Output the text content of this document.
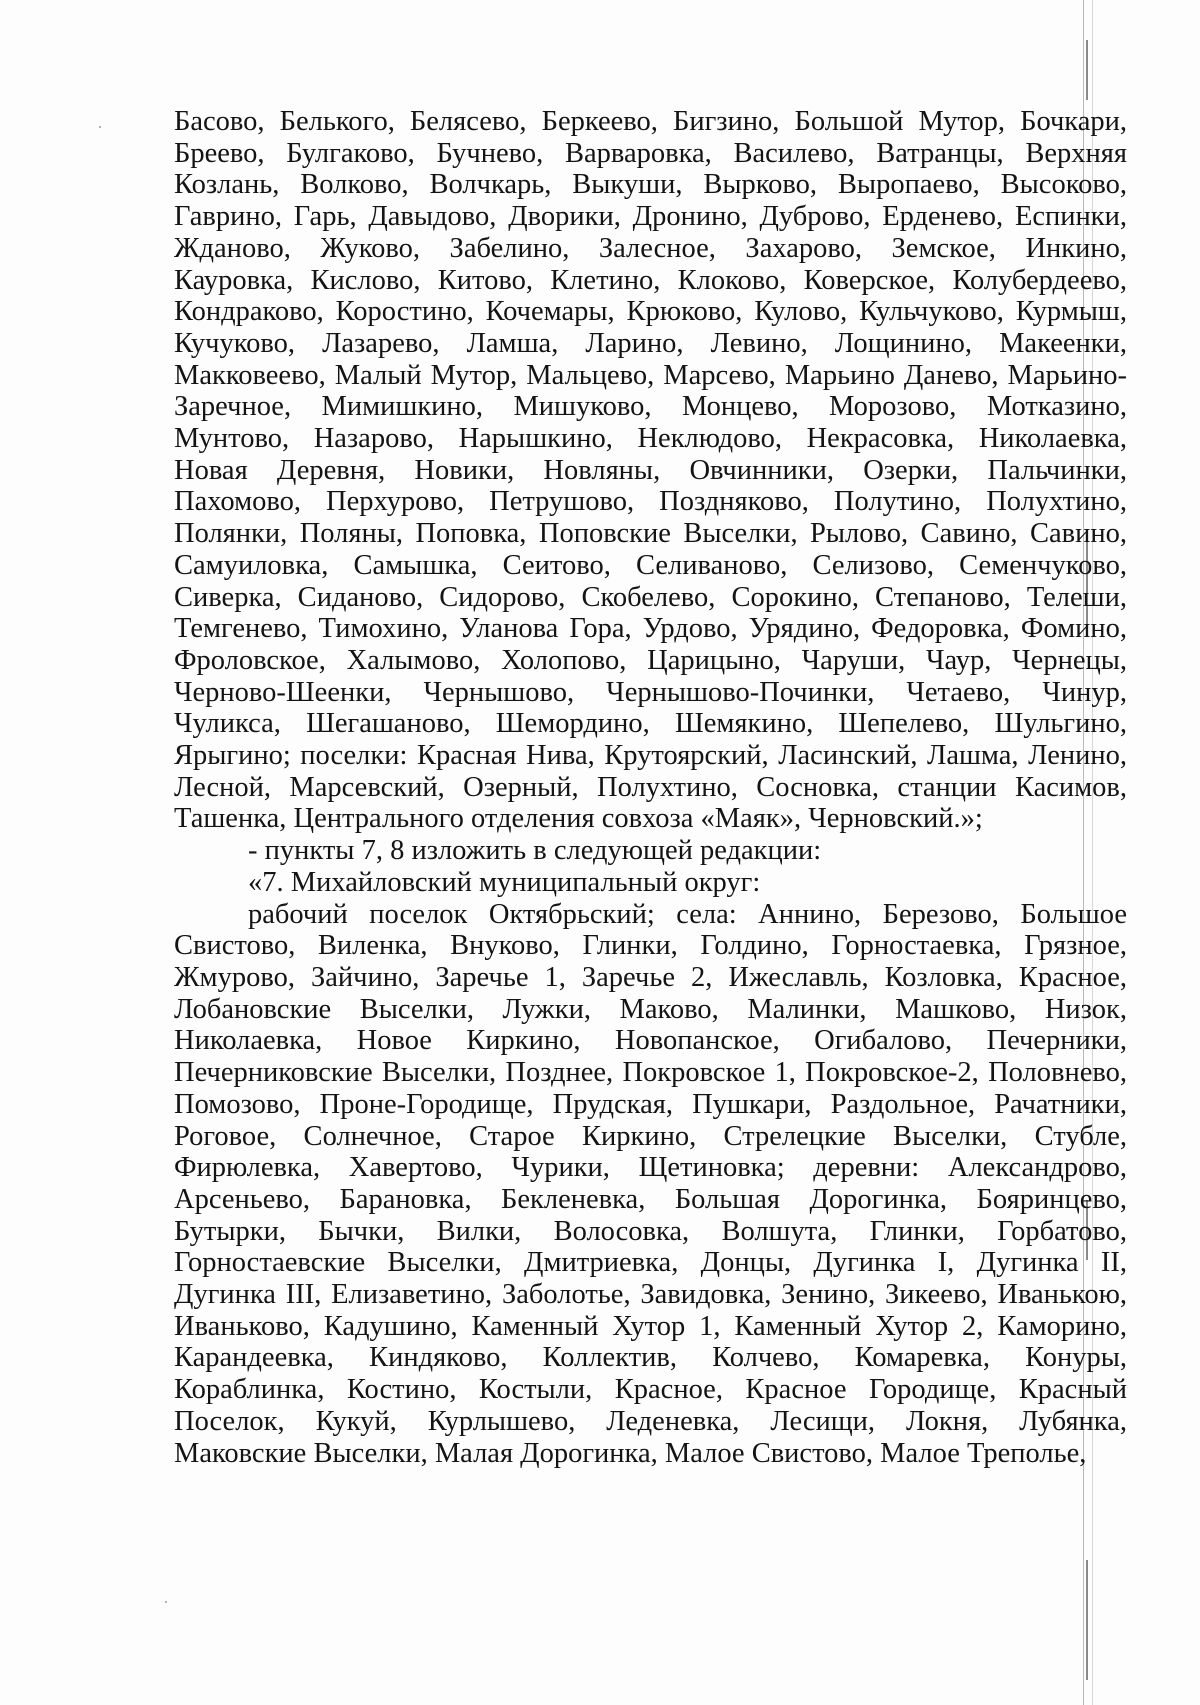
Басово, Белького, Белясево, Беркеево, Бигзино, Большой Мутор, Бочкари,
Бреево, Булгаково, Бучнево, Варваровка, Василево, Ватранцы, Верхняя
Козлань, Волково, Волчкарь, Выкуши, Вырково, Выропаево, Высоково,
Гаврино, Гарь, Давыдово, Дворики, Дронино, Дуброво, Ерденево, Еспинки,
Жданово, Жуково, Забелино, Залесное, Захарово, Земское, Инкино,
Кауровка, Кислово, Китово, Клетино, Клоково, Коверское, Колубердеево,
Кондраково, Коростино, Кочемары, Крюково, Кулово, Кульчуково, Курмыш,
Кучуково, Лазарево, Ламша, Ларино, Левино, Лощинино, Макеенки,
Макковеево, Малый Мутор, Мальцево, Марсево, Марьино Данево, Марьино-
Заречное, Мимишкино, Мишуково, Монцево, Морозово, Мотказино,
Мунтово, Назарово, Нарышкино, Неклюдово, Некрасовка, Николаевка,
Новая Деревня, Новики, Новляны, Овчинники, Озерки, Пальчинки,
Пахомово, Перхурово, Петрушово, Поздняково, Полутино, Полухтино,
Полянки, Поляны, Поповка, Поповские Выселки, Рылово, Савино, Савино,
Самуиловка, Самышка, Сеитово, Селиваново, Селизово, Семенчуково,
Сиверка, Сиданово, Сидорово, Скобелево, Сорокино, Степаново, Телеши,
Темгенево, Тимохино, Уланова Гора, Урдово, Урядино, Федоровка, Фомино,
Фроловское, Халымово, Холопово, Царицыно, Чаруши, Чаур, Чернецы,
Черново-Шеенки, Чернышово, Чернышово-Починки, Четаево, Чинур,
Чуликса, Шегашаново, Шемордино, Шемякино, Шепелево, Шульгино,
Ярыгино; поселки: Красная Нива, Крутоярский, Ласинский, Лашма, Ленино,
Лесной, Марсевский, Озерный, Полухтино, Сосновка, станции Касимов,
Ташенка, Центрального отделения совхоза «Маяк», Черновский.»;
- пункты 7, 8 изложить в следующей редакции:
«7. Михайловский муниципальный округ:
рабочий поселок Октябрьский; села: Аннино, Березово, Большое
Свистово, Виленка, Внуково, Глинки, Голдино, Горностаевка, Грязное,
Жмурово, Зайчино, Заречье 1, Заречье 2, Ижеславль, Козловка, Красное,
Лобановские Выселки, Лужки, Маково, Малинки, Машково, Низок,
Николаевка, Новое Киркино, Новопанское, Огибалово, Печерники,
Печерниковские Выселки, Позднее, Покровское 1, Покровское-2, Половнево,
Помозово, Проне-Городище, Прудская, Пушкари, Раздольное, Рачатники,
Роговое, Солнечное, Старое Киркино, Стрелецкие Выселки, Стубле,
Фирюлевка, Хавертово, Чурики, Щетиновка; деревни: Александрово,
Арсеньево, Барановка, Бекленевка, Большая Дорогинка, Бояринцево,
Бутырки, Бычки, Вилки, Волосовка, Волшута, Глинки, Горбатово,
Горностаевские Выселки, Дмитриевка, Донцы, Дугинка I, Дугинка II,
Дугинка III, Елизаветино, Заболотье, Завидовка, Зенино, Зикеево, Иванькою,
Иваньково, Кадушино, Каменный Хутор 1, Каменный Хутор 2, Каморино,
Карандеевка, Киндяково, Коллектив, Колчево, Комаревка, Конуры,
Кораблинка, Костино, Костыли, Красное, Красное Городище, Красный
Поселок, Кукуй, Курлышево, Леденевка, Лесищи, Локня, Лубянка,
Маковские Выселки, Малая Дорогинка, Малое Свистово, Малое Треполье,
